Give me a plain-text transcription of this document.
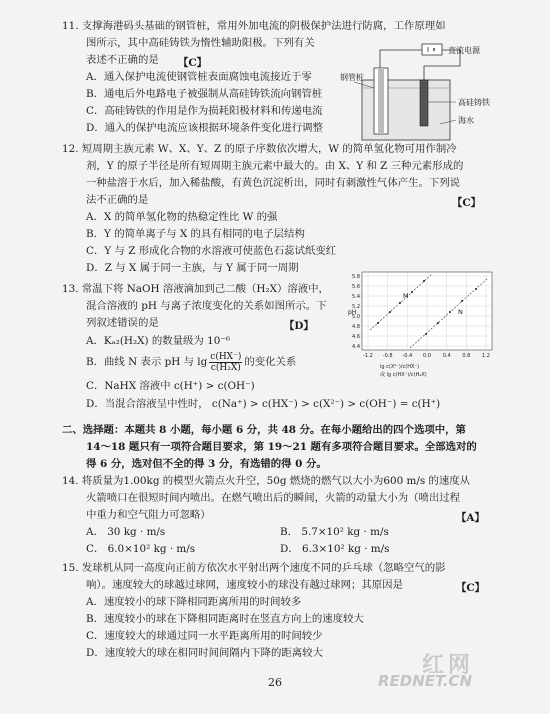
11. 支撑海港码头基础的钢管桩，常用外加电流的阴极保护法进行防腐，工作原理如
图所示，其中高硅铸铁为惰性辅助阳极。下列有关
表述不正确的是 【C】
A．通入保护电流使钢管桩表面腐蚀电流接近于零
B．通电后外电路电子被强制从高硅铸铁流向钢管桩
C．高硅铸铁的作用是作为损耗阳极材料和传递电流
D．通入的保护电流应该根据环境条件变化进行调整
直流电源
钢管桩
高硅铸铁
海水
12. 短周期主族元素 W、X、Y、Z 的原子序数依次增大，W 的简单氢化物可用作制冷
剂，Y 的原子半径是所有短周期主族元素中最大的。由 X、Y 和 Z 三种元素形成的
一种盐溶于水后，加入稀盐酸，有黄色沉淀析出，同时有刺激性气体产生。下列说
法不正确的是	【C】
A．X 的简单氢化物的热稳定性比 W 的强
B．Y 的简单离子与 X 的具有相同的电子层结构
C．Y 与 Z 形成化合物的水溶液可使蓝色石蕊试纸变红
D．Z 与 X 属于同一主族，与 Y 属于同一周期
13. 常温下将 NaOH 溶液滴加到己二酸（H₂X）溶液中，
混合溶液的 pH 与离子浓度变化的关系如图所示。下
列叙述错误的是	【D】
A．Kₐ₂(H₂X) 的数量级为 10⁻⁶
B．曲线 N 表示 pH 与 $\lg \frac{c(HX^-)}{\text{c(H₂X)}}$ 的变化关系
C．NaHX 溶液中 c(H⁺) > c(OH⁻)
D．当混合溶液呈中性时， c(Na⁺) > c(HX⁻) > c(X²⁻) > c(OH⁻) = c(H⁺)
5.8
5.6
5.4
5.2
5.0
4.8
4.6
4.4
-1.2 -0.8 -0.4 0.0 0.4 0.8 1.2
pH
M
N
lg c(X²⁻)/c(HX⁻)
或 lg c(HX⁻)/c(H₂X)
二、选择题：本题共 8 小题，每小题 6 分，共 48 分。在每小题给出的四个选项中，第
14～18 题只有一项符合题目要求，第 19～21 题有多项符合题目要求。全部选对的
得 6 分，选对但不全的得 3 分，有选错的得 0 分。
14. 将质量为1.00kg 的模型火箭点火升空，50g 燃烧的燃气以大小为600 m/s 的速度从
火箭喷口在很短时间内喷出。在燃气喷出后的瞬间，火箭的动量大小为（喷出过程
中重力和空气阻力可忽略）	【A】
A． 30 kg · m/s	B． 5.7×10² kg · m/s
C． 6.0×10² kg · m/s	D． 6.3×10² kg · m/s
15. 发球机从同一高度向正前方依次水平射出两个速度不同的乒乓球（忽略空气的影
响）。速度较大的球越过球网，速度较小的球没有越过球网；其原因是	【C】
A．速度较小的球下降相同距离所用的时间较多
B．速度较小的球在下降相同距离时在竖直方向上的速度较大
C．速度较大的球通过同一水平距离所用的时间较少
D．速度较大的球在相同时间间隔内下降的距离较大	红网
REDNET.CN
26
